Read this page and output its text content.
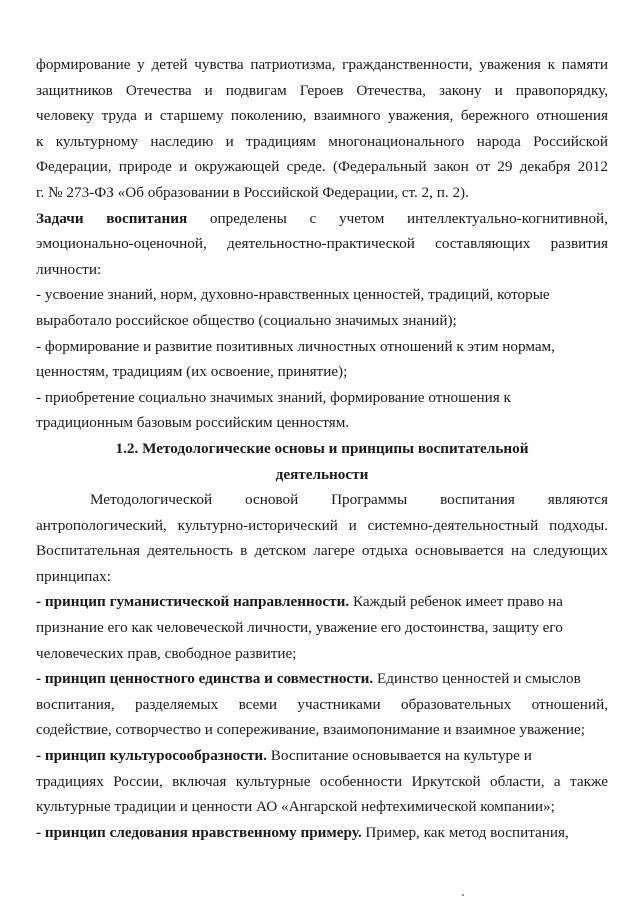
формирование у детей чувства патриотизма, гражданственности, уважения к памяти
защитников Отечества и подвигам Героев Отечества, закону и правопорядку,
человеку труда и старшему поколению, взаимного уважения, бережного отношения
к культурному наследию и традициям многонационального народа Российской
Федерации, природе и окружающей среде. (Федеральный закон от 29 декабря 2012
г. № 273-ФЗ «Об образовании в Российской Федерации, ст. 2, п. 2).
Задачи воспитания определены с учетом интеллектуально-когнитивной,
эмоционально-оценочной, деятельностно-практической составляющих развития
личности:
- усвоение знаний, норм, духовно-нравственных ценностей, традиций, которые
выработало российское общество (социально значимых знаний);
- формирование и развитие позитивных личностных отношений к этим нормам,
ценностям, традициям (их освоение, принятие);
- приобретение социально значимых знаний, формирование отношения к
традиционным базовым российским ценностям.
1.2. Методологические основы и принципы воспитательной
деятельности
Методологической основой Программы воспитания являются
антропологический, культурно-исторический и системно-деятельностный подходы.
Воспитательная деятельность в детском лагере отдыха основывается на следующих
принципах:
- принцип гуманистической направленности. Каждый ребенок имеет право на
признание его как человеческой личности, уважение его достоинства, защиту его
человеческих прав, свободное развитие;
- принцип ценностного единства и совместности. Единство ценностей и смыслов
воспитания, разделяемых всеми участниками образовательных отношений,
содействие, сотворчество и сопереживание, взаимопонимание и взаимное уважение;
- принцип культуросообразности. Воспитание основывается на культуре и
традициях России, включая культурные особенности Иркутской области, а также
культурные традиции и ценности АО «Ангарской нефтехимической компании»;
- принцип следования нравственному примеру. Пример, как метод воспитания,
